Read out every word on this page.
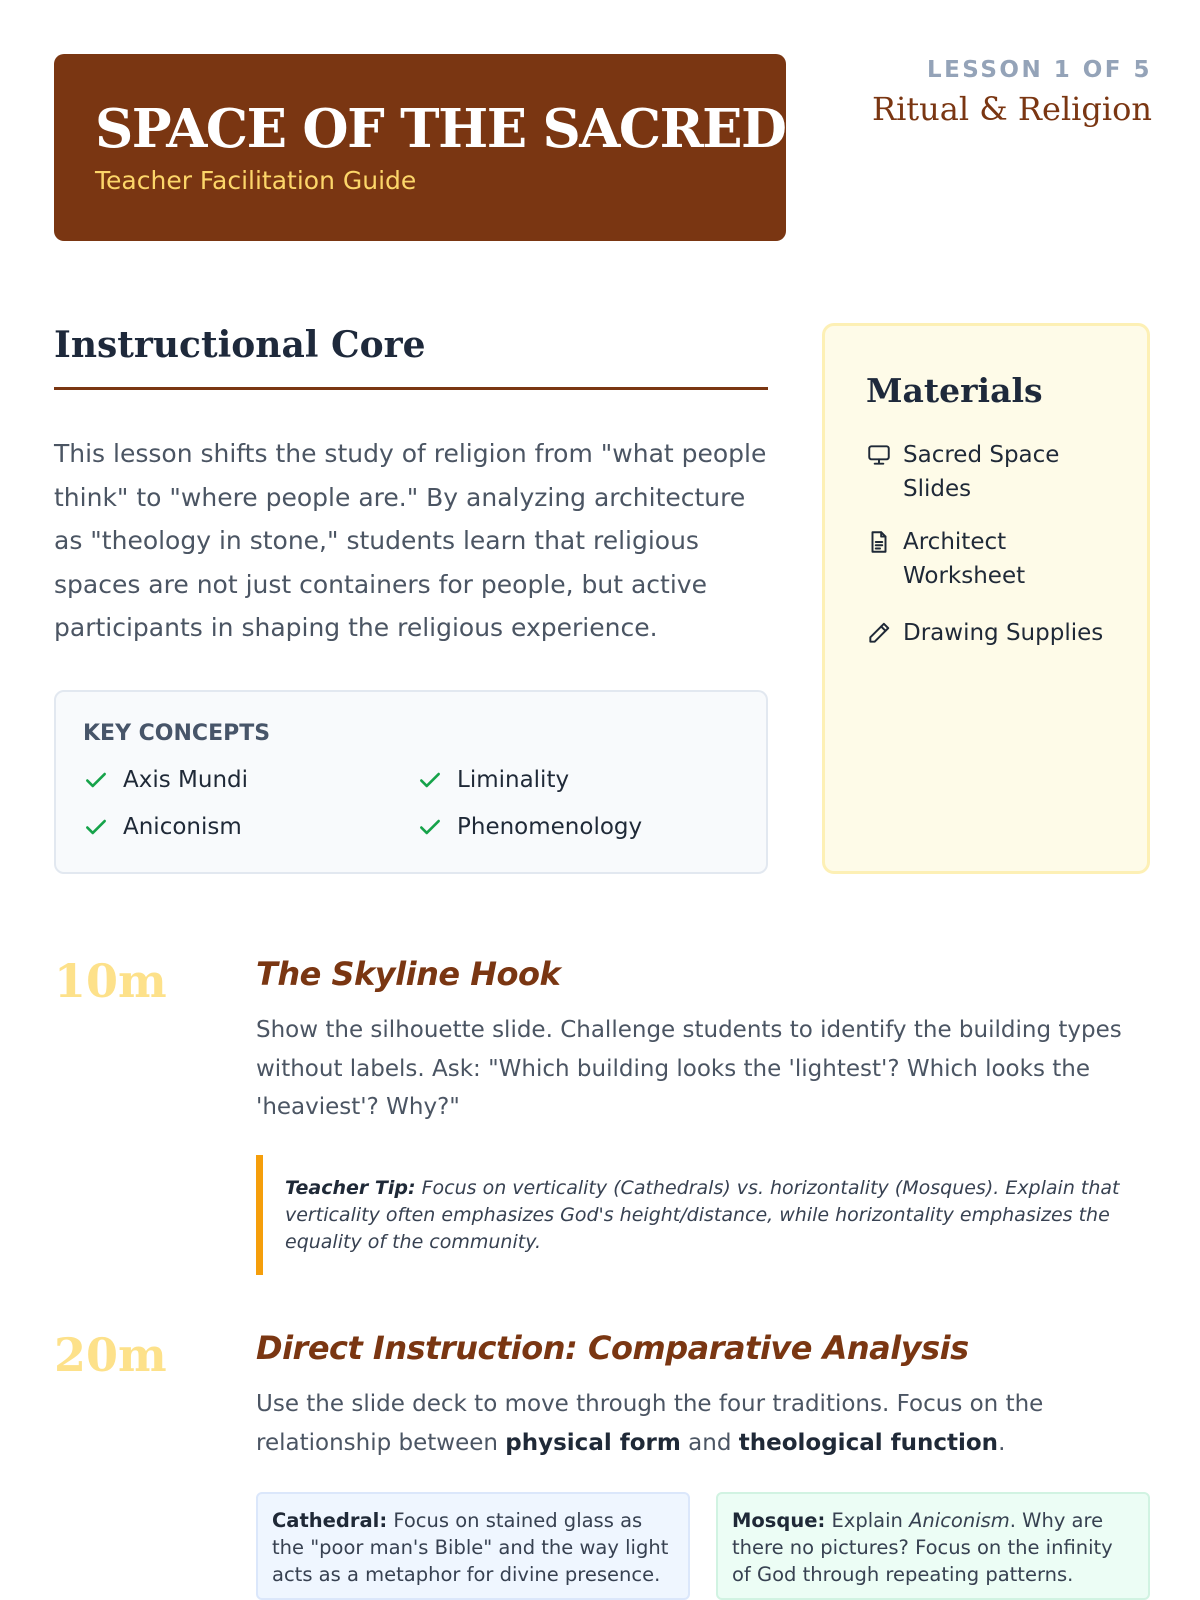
SPACE OF THE SACRED
Teacher Facilitation Guide
LESSON 1 OF 5
Ritual & Religion
Instructional Core

This lesson shifts the study of religion from "what people think" to "where people are." By analyzing architecture as "theology in stone," students learn that religious spaces are not just containers for people, but active participants in shaping the religious experience.

KEY CONCEPTS
Axis Mundi	Liminality
Aniconism	Phenomenology
Materials
Sacred Space Slides
Architect Worksheet
Drawing Supplies
10m	The Skyline Hook

Show the silhouette slide. Challenge students to identify the building types without labels. Ask: "Which building looks the 'lightest'? Which looks the 'heaviest'? Why?"

Teacher Tip: Focus on verticality (Cathedrals) vs. horizontality (Mosques). Explain that verticality often emphasizes God's height/distance, while horizontality emphasizes the equality of the community.
20m	Direct Instruction: Comparative Analysis

Use the slide deck to move through the four traditions. Focus on the relationship between physical form and theological function.

Cathedral: Focus on stained glass as the "poor man's Bible" and the way light acts as a metaphor for divine presence.
Mosque: Explain Aniconism. Why are there no pictures? Focus on the infinity of God through repeating patterns.
